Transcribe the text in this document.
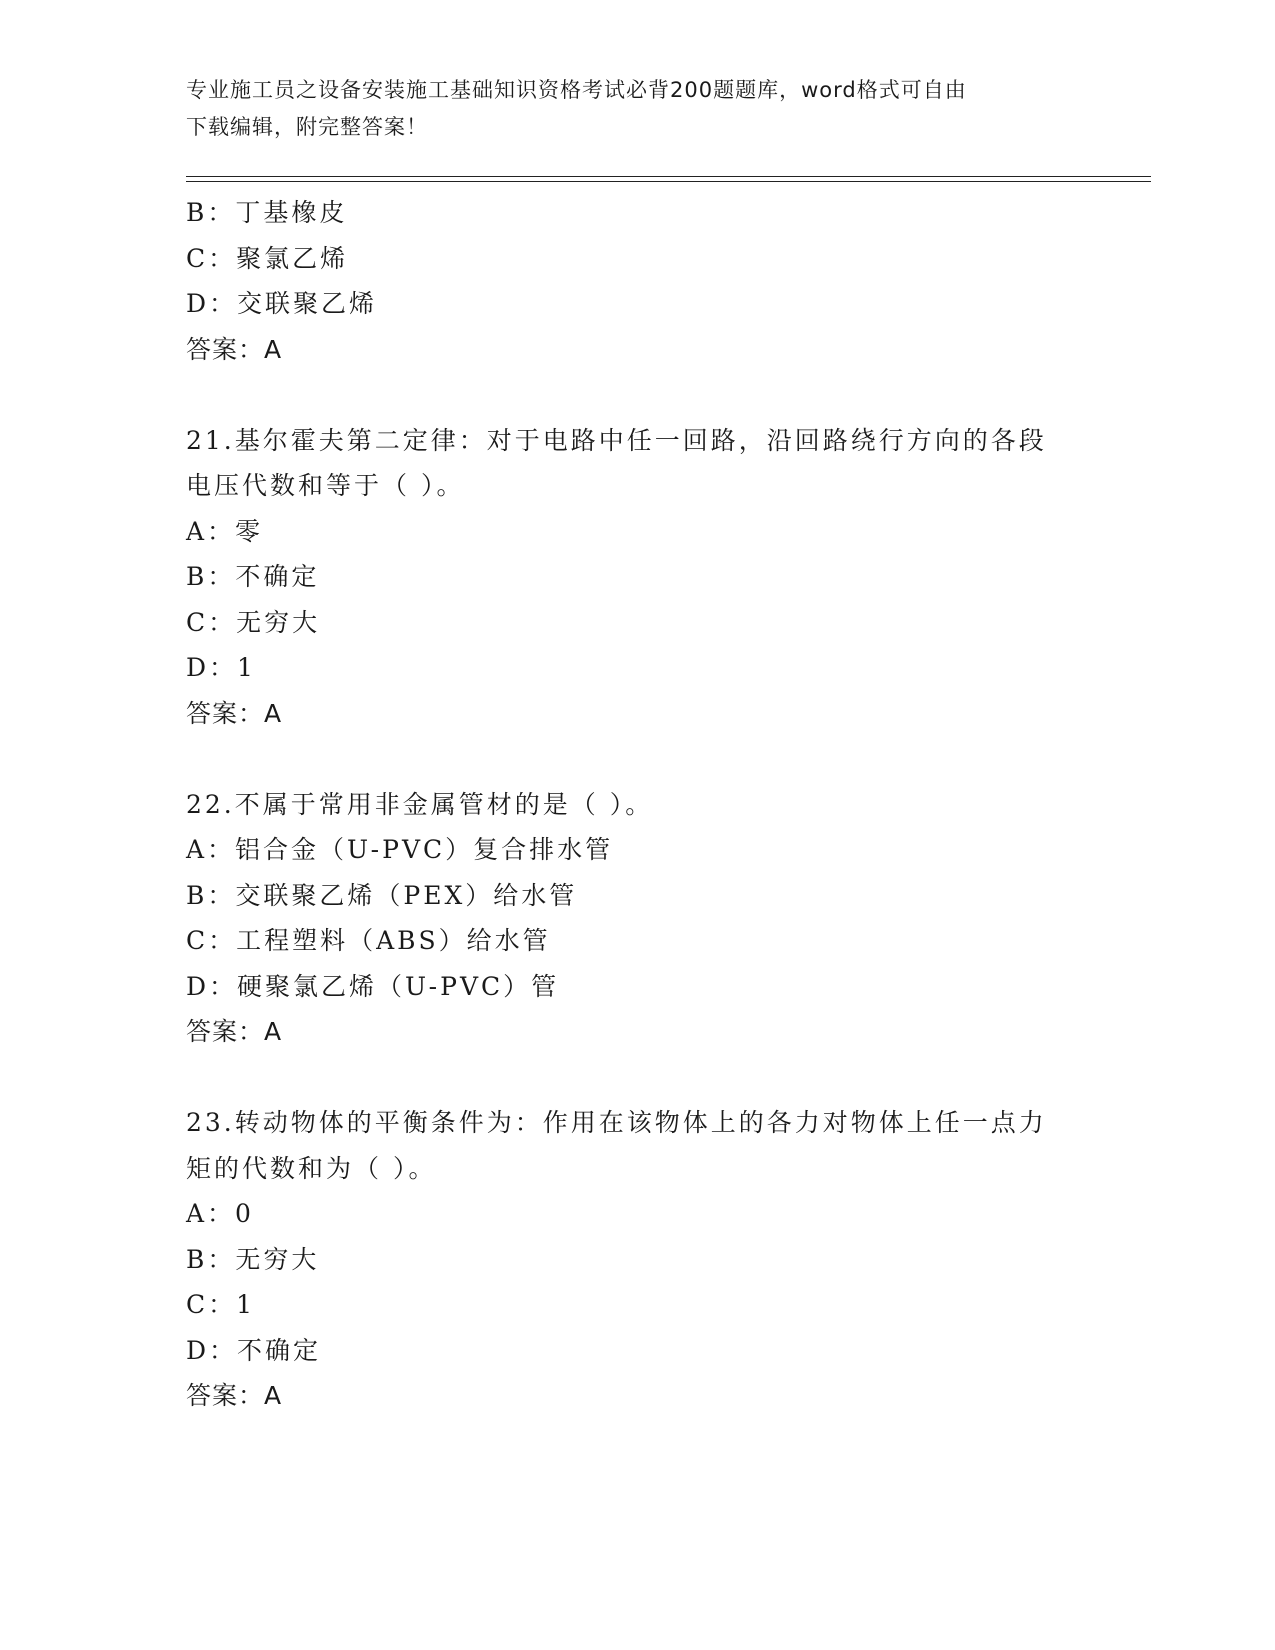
专业施工员之设备安装施工基础知识资格考试必背200题题库，word格式可自由
下载编辑，附完整答案！
B：丁基橡皮
C：聚氯乙烯
D：交联聚乙烯
答案：A
21.基尔霍夫第二定律：对于电路中任一回路，沿回路绕行方向的各段
电压代数和等于（ ）。
A：零
B：不确定
C：无穷大
D：1
答案：A
22.不属于常用非金属管材的是（ ）。
A：铝合金（U-PVC）复合排水管
B：交联聚乙烯（PEX）给水管
C：工程塑料（ABS）给水管
D：硬聚氯乙烯（U-PVC）管
答案：A
23.转动物体的平衡条件为：作用在该物体上的各力对物体上任一点力
矩的代数和为（ ）。
A：0
B：无穷大
C：1
D：不确定
答案：A
